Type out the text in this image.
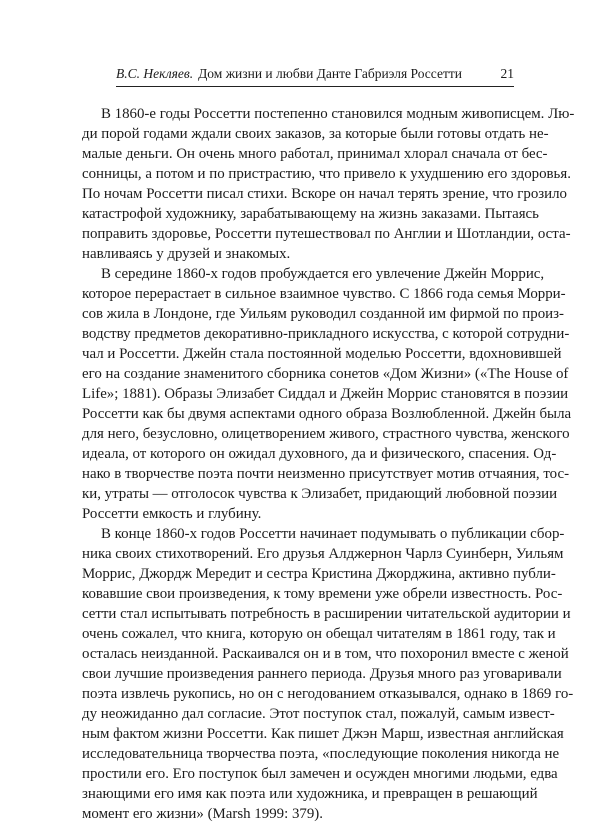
В.С. Некляев. Дом жизни и любви Данте Габриэля Россетти	21
В 1860-е годы Россетти постепенно становился модным живописцем. Лю-
ди порой годами ждали своих заказов, за которые были готовы отдать не-
малые деньги. Он очень много работал, принимал хлорал сначала от бес-
сонницы, а потом и по пристрастию, что привело к ухудшению его здоровья.
По ночам Россетти писал стихи. Вскоре он начал терять зрение, что грозило
катастрофой художнику, зарабатывающему на жизнь заказами. Пытаясь
поправить здоровье, Россетти путешествовал по Англии и Шотландии, оста-
навливаясь у друзей и знакомых.
В середине 1860-х годов пробуждается его увлечение Джейн Моррис,
которое перерастает в сильное взаимное чувство. С 1866 года семья Морри-
сов жила в Лондоне, где Уильям руководил созданной им фирмой по произ-
водству предметов декоративно-прикладного искусства, с которой сотрудни-
чал и Россетти. Джейн стала постоянной моделью Россетти, вдохновившей
его на создание знаменитого сборника сонетов «Дом Жизни» («The House of
Life»; 1881). Образы Элизабет Сиддал и Джейн Моррис становятся в поэзии
Россетти как бы двумя аспектами одного образа Возлюбленной. Джейн была
для него, безусловно, олицетворением живого, страстного чувства, женского
идеала, от которого он ожидал духовного, да и физического, спасения. Од-
нако в творчестве поэта почти неизменно присутствует мотив отчаяния, тос-
ки, утраты — отголосок чувства к Элизабет, придающий любовной поэзии
Россетти емкость и глубину.
В конце 1860-х годов Россетти начинает подумывать о публикации сбор-
ника своих стихотворений. Его друзья Алджернон Чарлз Суинберн, Уильям
Моррис, Джордж Мередит и сестра Кристина Джорджина, активно публи-
ковавшие свои произведения, к тому времени уже обрели известность. Рос-
сетти стал испытывать потребность в расширении читательской аудитории и
очень сожалел, что книга, которую он обещал читателям в 1861 году, так и
осталась неизданной. Раскаивался он и в том, что похоронил вместе с женой
свои лучшие произведения раннего периода. Друзья много раз уговаривали
поэта извлечь рукопись, но он с негодованием отказывался, однако в 1869 го-
ду неожиданно дал согласие. Этот поступок стал, пожалуй, самым извест-
ным фактом жизни Россетти. Как пишет Джэн Марш, известная английская
исследовательница творчества поэта, «последующие поколения никогда не
простили его. Его поступок был замечен и осужден многими людьми, едва
знающими его имя как поэта или художника, и превращен в решающий
момент его жизни» (Marsh 1999: 379).
